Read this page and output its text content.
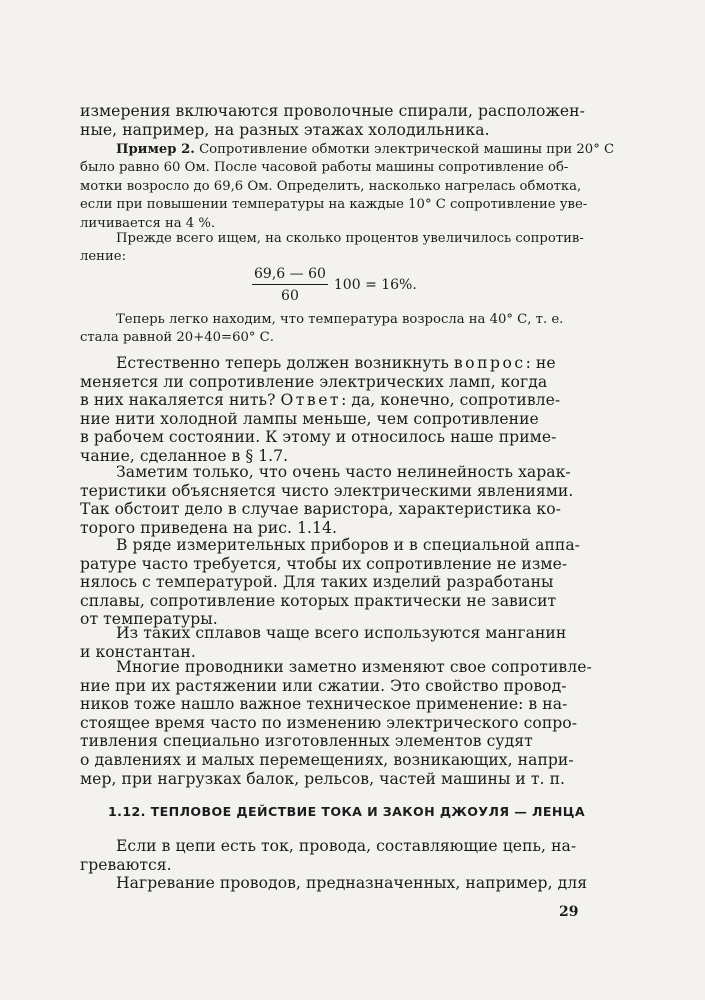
измерения включаются проволочные спирали, расположен-
ные, например, на разных этажах холодильника.
Пример 2. Сопротивление обмотки электрической машины при 20° С
было равно 60 Ом. После часовой работы машины сопротивление об-
мотки возросло до 69,6 Ом. Определить, насколько нагрелась обмотка,
если при повышении температуры на каждые 10° С сопротивление уве-
личивается на 4 %.
Прежде всего ищем, на сколько процентов увеличилось сопротив-
ление:
$\frac{69,6 — 60}{60} 100 = 16\%$.
Теперь легко находим, что температура возросла на 40° С, т. е.
стала равной 20+40=60° С.
Естественно теперь должен возникнуть вопрос: не
меняется ли сопротивление электрических ламп, когда
в них накаляется нить? Ответ: да, конечно, сопротивле-
ние нити холодной лампы меньше, чем сопротивление
в рабочем состоянии. К этому и относилось наше приме-
чание, сделанное в § 1.7.
Заметим только, что очень часто нелинейность харак-
теристики объясняется чисто электрическими явлениями.
Так обстоит дело в случае варистора, характеристика ко-
торого приведена на рис. 1.14.
В ряде измерительных приборов и в специальной аппа-
ратуре часто требуется, чтобы их сопротивление не изме-
нялось с температурой. Для таких изделий разработаны
сплавы, сопротивление которых практически не зависит
от температуры.
Из таких сплавов чаще всего используются манганин
и константан.
Многие проводники заметно изменяют свое сопротивле-
ние при их растяжении или сжатии. Это свойство провод-
ников тоже нашло важное техническое применение: в на-
стоящее время часто по изменению электрического сопро-
тивления специально изготовленных элементов судят
о давлениях и малых перемещениях, возникающих, напри-
мер, при нагрузках балок, рельсов, частей машины и т. п.
1.12. ТЕПЛОВОЕ ДЕЙСТВИЕ ТОКА И ЗАКОН ДЖОУЛЯ — ЛЕНЦА
Если в цепи есть ток, провода, составляющие цепь, на-
греваются.
Нагревание проводов, предназначенных, например, для
29
